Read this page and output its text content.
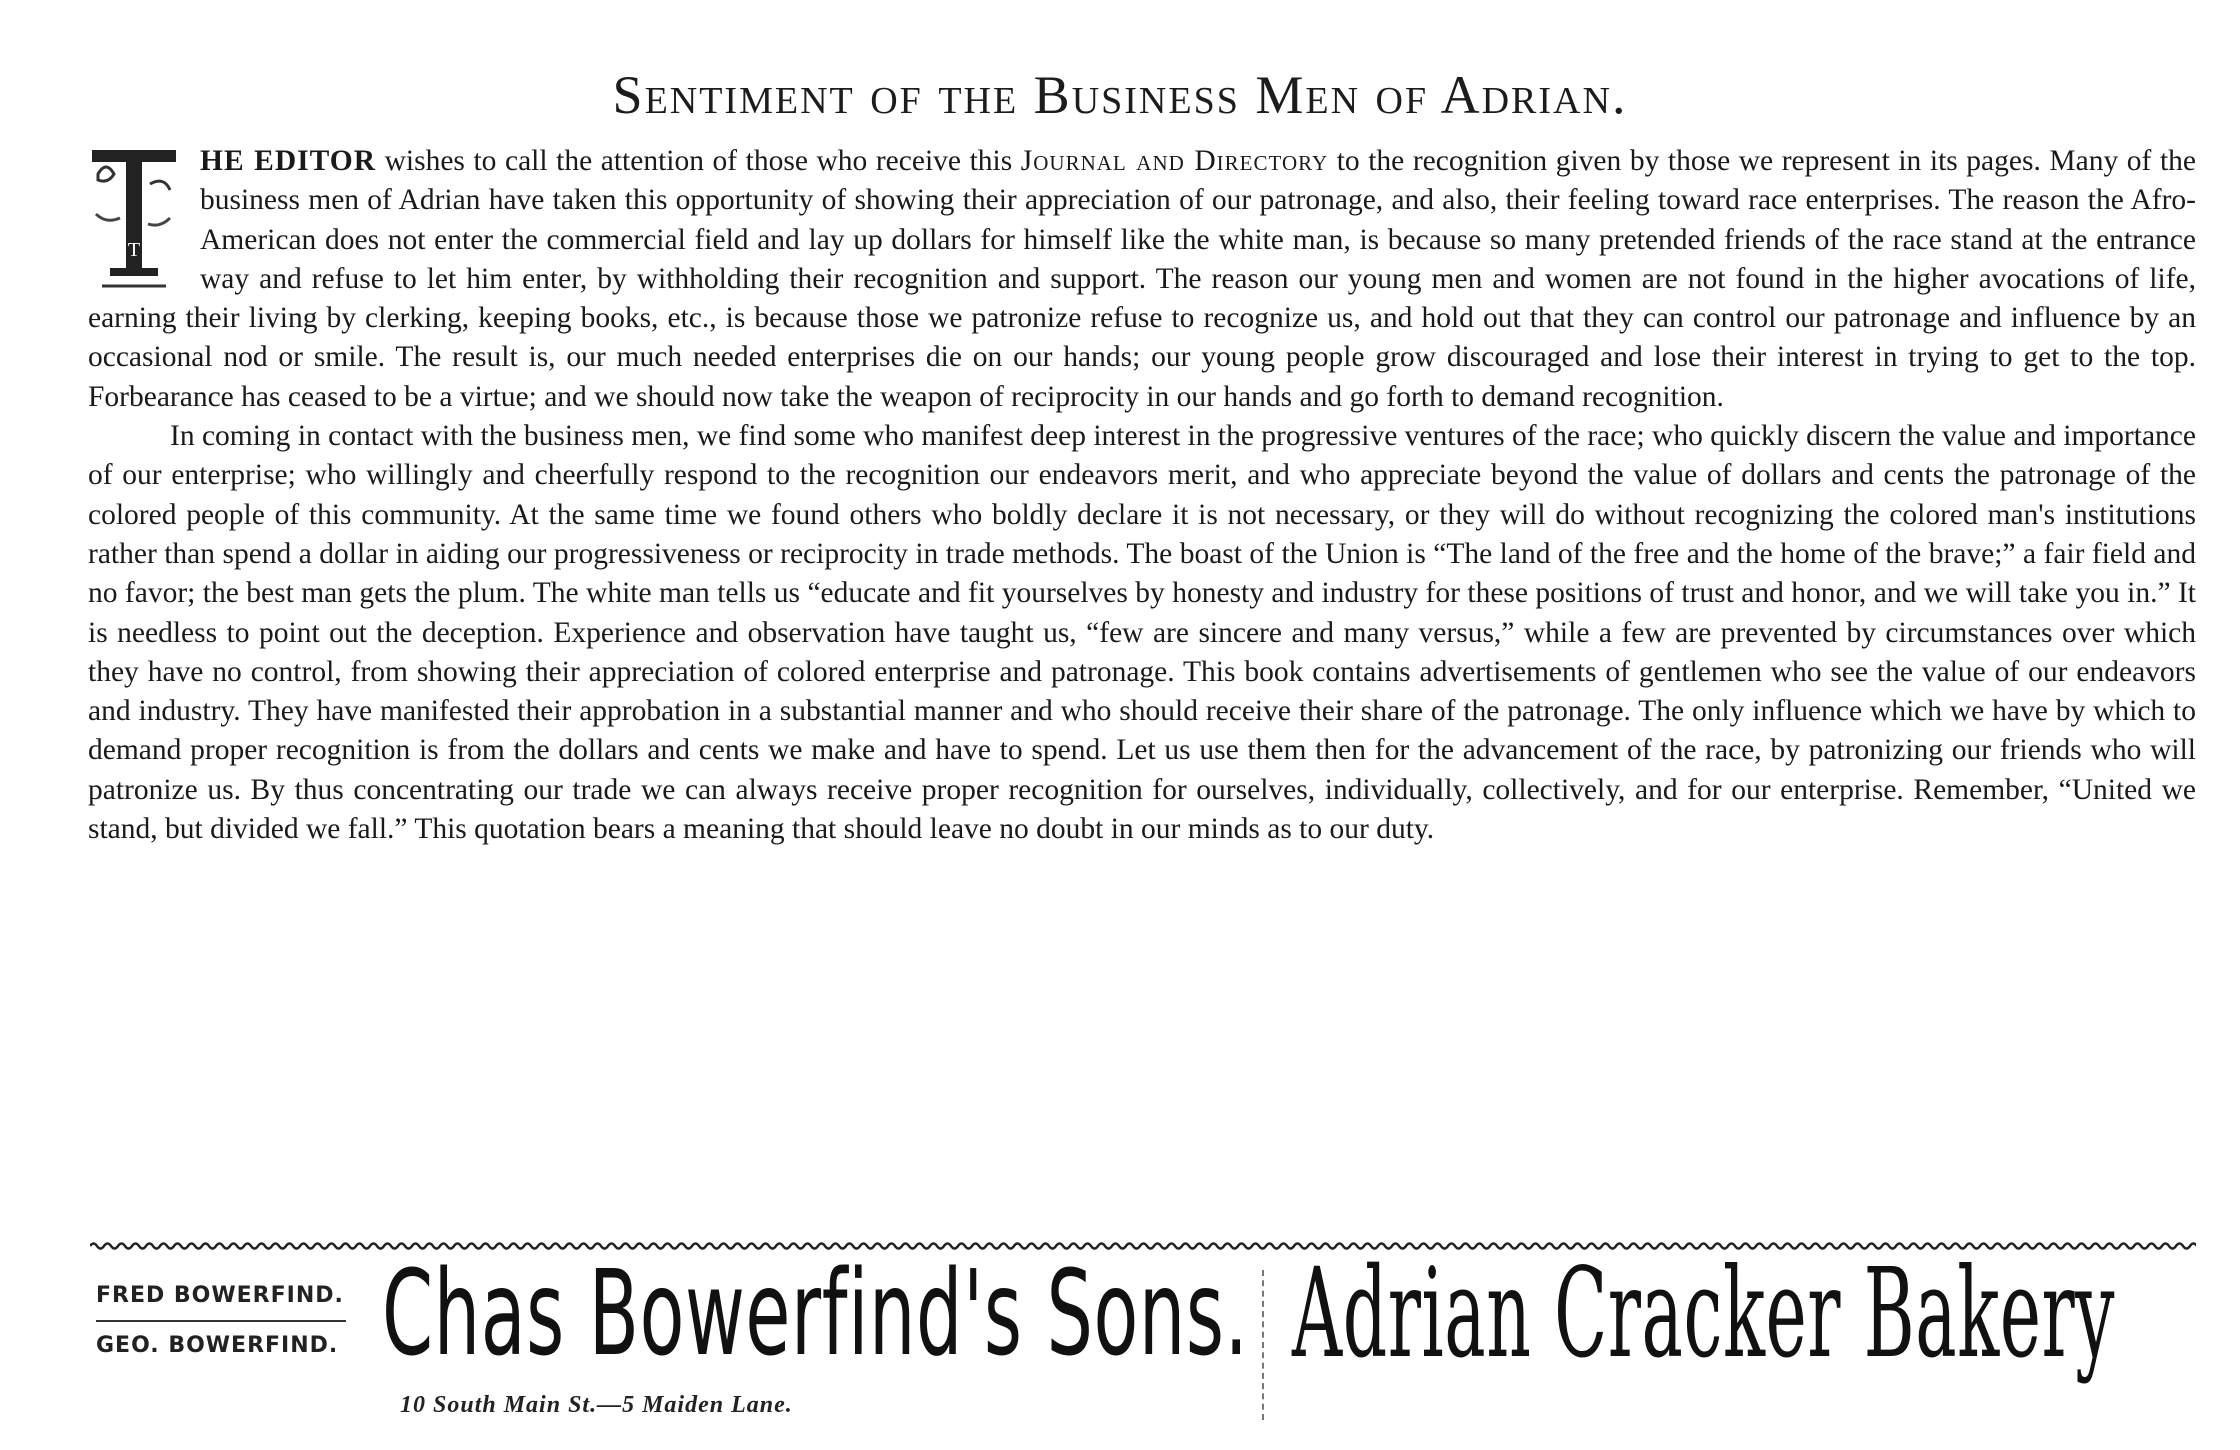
Sentiment of the Business Men of Adrian.

T
HE EDITOR wishes to call the attention of those who receive this Journal and Directory to the recognition given by those we represent in its pages. Many of the business men of Adrian have taken this opportunity of showing their appreciation of our patronage, and also, their feeling toward race enterprises. The reason the Afro-American does not enter the commercial field and lay up dollars for himself like the white man, is because so many pretended friends of the race stand at the entrance way and refuse to let him enter, by withholding their recognition and support. The reason our young men and women are not found in the higher avocations of life, earning their living by clerking, keeping books, etc., is because those we patronize refuse to recognize us, and hold out that they can control our patronage and influence by an occasional nod or smile. The result is, our much needed enterprises die on our hands; our young people grow discouraged and lose their interest in trying to get to the top. Forbearance has ceased to be a virtue; and we should now take the weapon of reciprocity in our hands and go forth to demand recognition.

In coming in contact with the business men, we find some who manifest deep interest in the progressive ventures of the race; who quickly discern the value and importance of our enterprise; who willingly and cheerfully respond to the recognition our endeavors merit, and who appreciate beyond the value of dollars and cents the patronage of the colored people of this community. At the same time we found others who boldly declare it is not necessary, or they will do without recognizing the colored man's institutions rather than spend a dollar in aiding our progressiveness or reciprocity in trade methods. The boast of the Union is “The land of the free and the home of the brave;” a fair field and no favor; the best man gets the plum. The white man tells us “educate and fit yourselves by honesty and industry for these positions of trust and honor, and we will take you in.” It is needless to point out the deception. Experience and observation have taught us, “few are sincere and many versus,” while a few are prevented by circumstances over which they have no control, from showing their appreciation of colored enterprise and patronage. This book contains advertisements of gentlemen who see the value of our endeavors and industry. They have manifested their approbation in a substantial manner and who should receive their share of the patronage. The only influence which we have by which to demand proper recognition is from the dollars and cents we make and have to spend. Let us use them then for the advancement of the race, by patronizing our friends who will patronize us. By thus concentrating our trade we can always receive proper recognition for ourselves, individually, collectively, and for our enterprise. Remember, “United we stand, but divided we fall.” This quotation bears a meaning that should leave no doubt in our minds as to our duty.

FRED BOWERFIND.
GEO. BOWERFIND. Chas Bowerfind's Sons.
10 South Main St.—5 Maiden Lane.
Adrian Cracker Bakery
